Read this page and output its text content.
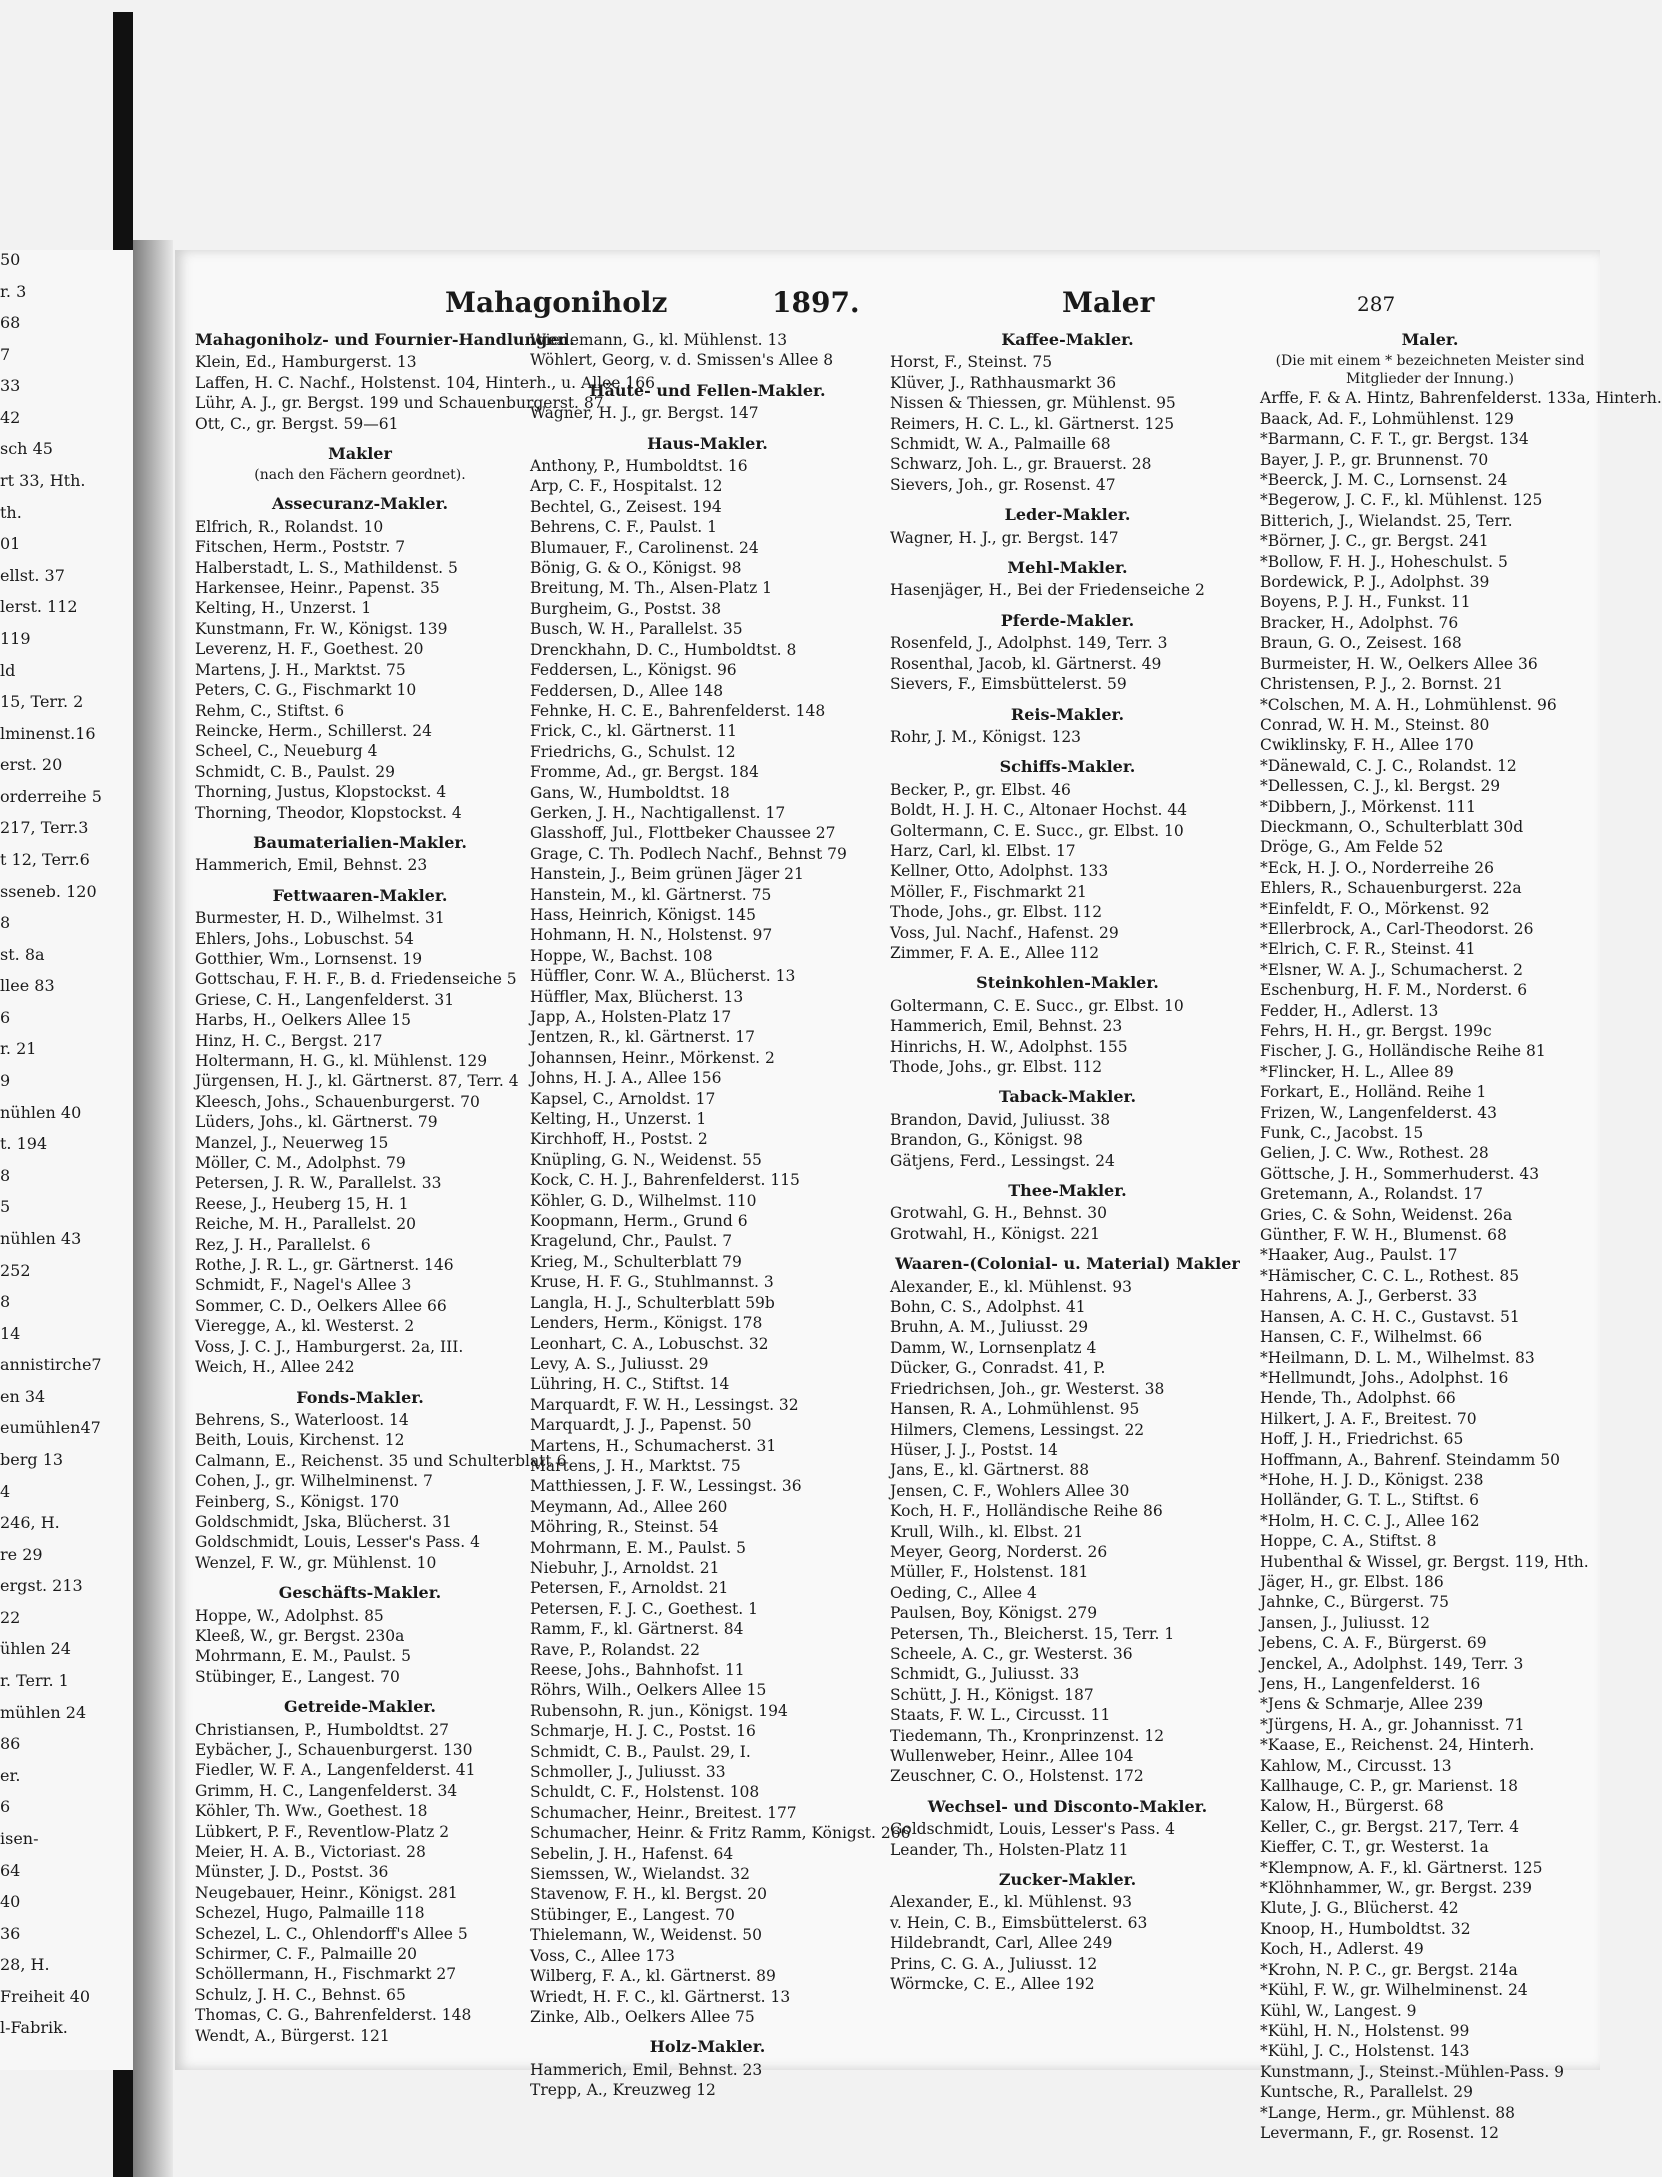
50
r. 3
68
7
33
42
sch 45
rt 33, Hth.
th.
01
ellst. 37
lerst. 112
119
ld
15, Terr. 2
lminenst.16
erst. 20
orderreihe 5
217, Terr.3
t 12, Terr.6
sseneb. 120
8
st. 8a
llee 83
6
r. 21
9
nühlen 40
t. 194
8
5
nühlen 43
252
8
14
annistirche7
en 34
eumühlen47
berg 13
4
246, H.
re 29
ergst. 213
22
ühlen 24
r. Terr. 1
mühlen 24
86
er.
6
isen-
64
40
36
28, H.
Freiheit 40
l-Fabrik.
Mahagoniholz	1897.	Maler	287
Mahagoniholz- und Fournier-Handlungen.
Klein, Ed., Hamburgerst. 13
Laffen, H. C. Nachf., Holstenst. 104, Hinterh., u. Allee 166
Lühr, A. J., gr. Bergst. 199 und Schauenburgerst. 87
Ott, C., gr. Bergst. 59—61
Makler
(nach den Fächern geordnet).
Assecuranz-Makler.
Elfrich, R., Rolandst. 10
Fitschen, Herm., Poststr. 7
Halberstadt, L. S., Mathildenst. 5
Harkensee, Heinr., Papenst. 35
Kelting, H., Unzerst. 1
Kunstmann, Fr. W., Königst. 139
Leverenz, H. F., Goethest. 20
Martens, J. H., Marktst. 75
Peters, C. G., Fischmarkt 10
Rehm, C., Stiftst. 6
Reincke, Herm., Schillerst. 24
Scheel, C., Neueburg 4
Schmidt, C. B., Paulst. 29
Thorning, Justus, Klopstockst. 4
Thorning, Theodor, Klopstockst. 4
Baumaterialien-Makler.
Hammerich, Emil, Behnst. 23
Fettwaaren-Makler.
Burmester, H. D., Wilhelmst. 31
Ehlers, Johs., Lobuschst. 54
Gotthier, Wm., Lornsenst. 19
Gottschau, F. H. F., B. d. Friedenseiche 5
Griese, C. H., Langenfelderst. 31
Harbs, H., Oelkers Allee 15
Hinz, H. C., Bergst. 217
Holtermann, H. G., kl. Mühlenst. 129
Jürgensen, H. J., kl. Gärtnerst. 87, Terr. 4
Kleesch, Johs., Schauenburgerst. 70
Lüders, Johs., kl. Gärtnerst. 79
Manzel, J., Neuerweg 15
Möller, C. M., Adolphst. 79
Petersen, J. R. W., Parallelst. 33
Reese, J., Heuberg 15, H. 1
Reiche, M. H., Parallelst. 20
Rez, J. H., Parallelst. 6
Rothe, J. R. L., gr. Gärtnerst. 146
Schmidt, F., Nagel's Allee 3
Sommer, C. D., Oelkers Allee 66
Vieregge, A., kl. Westerst. 2
Voss, J. C. J., Hamburgerst. 2a, III.
Weich, H., Allee 242
Fonds-Makler.
Behrens, S., Waterloost. 14
Beith, Louis, Kirchenst. 12
Calmann, E., Reichenst. 35 und Schulterblatt 6
Cohen, J., gr. Wilhelminenst. 7
Feinberg, S., Königst. 170
Goldschmidt, Jska, Blücherst. 31
Goldschmidt, Louis, Lesser's Pass. 4
Wenzel, F. W., gr. Mühlenst. 10
Geschäfts-Makler.
Hoppe, W., Adolphst. 85
Kleeß, W., gr. Bergst. 230a
Mohrmann, E. M., Paulst. 5
Stübinger, E., Langest. 70
Getreide-Makler.
Christiansen, P., Humboldtst. 27
Eybächer, J., Schauenburgerst. 130
Fiedler, W. F. A., Langenfelderst. 41
Grimm, H. C., Langenfelderst. 34
Köhler, Th. Ww., Goethest. 18
Lübkert, P. F., Reventlow-Platz 2
Meier, H. A. B., Victoriast. 28
Münster, J. D., Postst. 36
Neugebauer, Heinr., Königst. 281
Schezel, Hugo, Palmaille 118
Schezel, L. C., Ohlendorff's Allee 5
Schirmer, C. F., Palmaille 20
Schöllermann, H., Fischmarkt 27
Schulz, J. H. C., Behnst. 65
Thomas, C. G., Bahrenfelderst. 148
Wendt, A., Bürgerst. 121
Wiedemann, G., kl. Mühlenst. 13
Wöhlert, Georg, v. d. Smissen's Allee 8
Häute- und Fellen-Makler.
Wagner, H. J., gr. Bergst. 147
Haus-Makler.
Anthony, P., Humboldtst. 16
Arp, C. F., Hospitalst. 12
Bechtel, G., Zeisest. 194
Behrens, C. F., Paulst. 1
Blumauer, F., Carolinenst. 24
Bönig, G. & O., Königst. 98
Breitung, M. Th., Alsen-Platz 1
Burgheim, G., Postst. 38
Busch, W. H., Parallelst. 35
Drenckhahn, D. C., Humboldtst. 8
Feddersen, L., Königst. 96
Feddersen, D., Allee 148
Fehnke, H. C. E., Bahrenfelderst. 148
Frick, C., kl. Gärtnerst. 11
Friedrichs, G., Schulst. 12
Fromme, Ad., gr. Bergst. 184
Gans, W., Humboldtst. 18
Gerken, J. H., Nachtigallenst. 17
Glasshoff, Jul., Flottbeker Chaussee 27
Grage, C. Th. Podlech Nachf., Behnst 79
Hanstein, J., Beim grünen Jäger 21
Hanstein, M., kl. Gärtnerst. 75
Hass, Heinrich, Königst. 145
Hohmann, H. N., Holstenst. 97
Hoppe, W., Bachst. 108
Hüffler, Conr. W. A., Blücherst. 13
Hüffler, Max, Blücherst. 13
Japp, A., Holsten-Platz 17
Jentzen, R., kl. Gärtnerst. 17
Johannsen, Heinr., Mörkenst. 2
Johns, H. J. A., Allee 156
Kapsel, C., Arnoldst. 17
Kelting, H., Unzerst. 1
Kirchhoff, H., Postst. 2
Knüpling, G. N., Weidenst. 55
Kock, C. H. J., Bahrenfelderst. 115
Köhler, G. D., Wilhelmst. 110
Koopmann, Herm., Grund 6
Kragelund, Chr., Paulst. 7
Krieg, M., Schulterblatt 79
Kruse, H. F. G., Stuhlmannst. 3
Langla, H. J., Schulterblatt 59b
Lenders, Herm., Königst. 178
Leonhart, C. A., Lobuschst. 32
Levy, A. S., Juliusst. 29
Lühring, H. C., Stiftst. 14
Marquardt, F. W. H., Lessingst. 32
Marquardt, J. J., Papenst. 50
Martens, H., Schumacherst. 31
Martens, J. H., Marktst. 75
Matthiessen, J. F. W., Lessingst. 36
Meymann, Ad., Allee 260
Möhring, R., Steinst. 54
Mohrmann, E. M., Paulst. 5
Niebuhr, J., Arnoldst. 21
Petersen, F., Arnoldst. 21
Petersen, F. J. C., Goethest. 1
Ramm, F., kl. Gärtnerst. 84
Rave, P., Rolandst. 22
Reese, Johs., Bahnhofst. 11
Röhrs, Wilh., Oelkers Allee 15
Rubensohn, R. jun., Königst. 194
Schmarje, H. J. C., Postst. 16
Schmidt, C. B., Paulst. 29, I.
Schmoller, J., Juliusst. 33
Schuldt, C. F., Holstenst. 108
Schumacher, Heinr., Breitest. 177
Schumacher, Heinr. & Fritz Ramm, Königst. 266
Sebelin, J. H., Hafenst. 64
Siemssen, W., Wielandst. 32
Stavenow, F. H., kl. Bergst. 20
Stübinger, E., Langest. 70
Thielemann, W., Weidenst. 50
Voss, C., Allee 173
Wilberg, F. A., kl. Gärtnerst. 89
Wriedt, H. F. C., kl. Gärtnerst. 13
Zinke, Alb., Oelkers Allee 75
Holz-Makler.
Hammerich, Emil, Behnst. 23
Trepp, A., Kreuzweg 12
Kaffee-Makler.
Horst, F., Steinst. 75
Klüver, J., Rathhausmarkt 36
Nissen & Thiessen, gr. Mühlenst. 95
Reimers, H. C. L., kl. Gärtnerst. 125
Schmidt, W. A., Palmaille 68
Schwarz, Joh. L., gr. Brauerst. 28
Sievers, Joh., gr. Rosenst. 47
Leder-Makler.
Wagner, H. J., gr. Bergst. 147
Mehl-Makler.
Hasenjäger, H., Bei der Friedenseiche 2
Pferde-Makler.
Rosenfeld, J., Adolphst. 149, Terr. 3
Rosenthal, Jacob, kl. Gärtnerst. 49
Sievers, F., Eimsbüttelerst. 59
Reis-Makler.
Rohr, J. M., Königst. 123
Schiffs-Makler.
Becker, P., gr. Elbst. 46
Boldt, H. J. H. C., Altonaer Hochst. 44
Goltermann, C. E. Succ., gr. Elbst. 10
Harz, Carl, kl. Elbst. 17
Kellner, Otto, Adolphst. 133
Möller, F., Fischmarkt 21
Thode, Johs., gr. Elbst. 112
Voss, Jul. Nachf., Hafenst. 29
Zimmer, F. A. E., Allee 112
Steinkohlen-Makler.
Goltermann, C. E. Succ., gr. Elbst. 10
Hammerich, Emil, Behnst. 23
Hinrichs, H. W., Adolphst. 155
Thode, Johs., gr. Elbst. 112
Taback-Makler.
Brandon, David, Juliusst. 38
Brandon, G., Königst. 98
Gätjens, Ferd., Lessingst. 24
Thee-Makler.
Grotwahl, G. H., Behnst. 30
Grotwahl, H., Königst. 221
Waaren-(Colonial- u. Material) Makler
Alexander, E., kl. Mühlenst. 93
Bohn, C. S., Adolphst. 41
Bruhn, A. M., Juliusst. 29
Damm, W., Lornsenplatz 4
Dücker, G., Conradst. 41, P.
Friedrichsen, Joh., gr. Westerst. 38
Hansen, R. A., Lohmühlenst. 95
Hilmers, Clemens, Lessingst. 22
Hüser, J. J., Postst. 14
Jans, E., kl. Gärtnerst. 88
Jensen, C. F., Wohlers Allee 30
Koch, H. F., Holländische Reihe 86
Krull, Wilh., kl. Elbst. 21
Meyer, Georg, Norderst. 26
Müller, F., Holstenst. 181
Oeding, C., Allee 4
Paulsen, Boy, Königst. 279
Petersen, Th., Bleicherst. 15, Terr. 1
Scheele, A. C., gr. Westerst. 36
Schmidt, G., Juliusst. 33
Schütt, J. H., Königst. 187
Staats, F. W. L., Circusst. 11
Tiedemann, Th., Kronprinzenst. 12
Wullenweber, Heinr., Allee 104
Zeuschner, C. O., Holstenst. 172
Wechsel- und Disconto-Makler.
Goldschmidt, Louis, Lesser's Pass. 4
Leander, Th., Holsten-Platz 11
Zucker-Makler.
Alexander, E., kl. Mühlenst. 93
v. Hein, C. B., Eimsbüttelerst. 63
Hildebrandt, Carl, Allee 249
Prins, C. G. A., Juliusst. 12
Wörmcke, C. E., Allee 192
Maler.
(Die mit einem * bezeichneten Meister sind Mitglieder der Innung.)
Arffe, F. & A. Hintz, Bahrenfelderst. 133a, Hinterh.
Baack, Ad. F., Lohmühlenst. 129
*Barmann, C. F. T., gr. Bergst. 134
Bayer, J. P., gr. Brunnenst. 70
*Beerck, J. M. C., Lornsenst. 24
*Begerow, J. C. F., kl. Mühlenst. 125
Bitterich, J., Wielandst. 25, Terr.
*Börner, J. C., gr. Bergst. 241
*Bollow, F. H. J., Hoheschulst. 5
Bordewick, P. J., Adolphst. 39
Boyens, P. J. H., Funkst. 11
Bracker, H., Adolphst. 76
Braun, G. O., Zeisest. 168
Burmeister, H. W., Oelkers Allee 36
Christensen, P. J., 2. Bornst. 21
*Colschen, M. A. H., Lohmühlenst. 96
Conrad, W. H. M., Steinst. 80
Cwiklinsky, F. H., Allee 170
*Dänewald, C. J. C., Rolandst. 12
*Dellessen, C. J., kl. Bergst. 29
*Dibbern, J., Mörkenst. 111
Dieckmann, O., Schulterblatt 30d
Dröge, G., Am Felde 52
*Eck, H. J. O., Norderreihe 26
Ehlers, R., Schauenburgerst. 22a
*Einfeldt, F. O., Mörkenst. 92
*Ellerbrock, A., Carl-Theodorst. 26
*Elrich, C. F. R., Steinst. 41
*Elsner, W. A. J., Schumacherst. 2
Eschenburg, H. F. M., Norderst. 6
Fedder, H., Adlerst. 13
Fehrs, H. H., gr. Bergst. 199c
Fischer, J. G., Holländische Reihe 81
*Flincker, H. L., Allee 89
Forkart, E., Holländ. Reihe 1
Frizen, W., Langenfelderst. 43
Funk, C., Jacobst. 15
Gelien, J. C. Ww., Rothest. 28
Göttsche, J. H., Sommerhuderst. 43
Gretemann, A., Rolandst. 17
Gries, C. & Sohn, Weidenst. 26a
Günther, F. W. H., Blumenst. 68
*Haaker, Aug., Paulst. 17
*Hämischer, C. C. L., Rothest. 85
Hahrens, A. J., Gerberst. 33
Hansen, A. C. H. C., Gustavst. 51
Hansen, C. F., Wilhelmst. 66
*Heilmann, D. L. M., Wilhelmst. 83
*Hellmundt, Johs., Adolphst. 16
Hende, Th., Adolphst. 66
Hilkert, J. A. F., Breitest. 70
Hoff, J. H., Friedrichst. 65
Hoffmann, A., Bahrenf. Steindamm 50
*Hohe, H. J. D., Königst. 238
Holländer, G. T. L., Stiftst. 6
*Holm, H. C. C. J., Allee 162
Hoppe, C. A., Stiftst. 8
Hubenthal & Wissel, gr. Bergst. 119, Hth.
Jäger, H., gr. Elbst. 186
Jahnke, C., Bürgerst. 75
Jansen, J., Juliusst. 12
Jebens, C. A. F., Bürgerst. 69
Jenckel, A., Adolphst. 149, Terr. 3
Jens, H., Langenfelderst. 16
*Jens & Schmarje, Allee 239
*Jürgens, H. A., gr. Johannisst. 71
*Kaase, E., Reichenst. 24, Hinterh.
Kahlow, M., Circusst. 13
Kallhauge, C. P., gr. Marienst. 18
Kalow, H., Bürgerst. 68
Keller, C., gr. Bergst. 217, Terr. 4
Kieffer, C. T., gr. Westerst. 1a
*Klempnow, A. F., kl. Gärtnerst. 125
*Klöhnhammer, W., gr. Bergst. 239
Klute, J. G., Blücherst. 42
Knoop, H., Humboldtst. 32
Koch, H., Adlerst. 49
*Krohn, N. P. C., gr. Bergst. 214a
*Kühl, F. W., gr. Wilhelminenst. 24
Kühl, W., Langest. 9
*Kühl, H. N., Holstenst. 99
*Kühl, J. C., Holstenst. 143
Kunstmann, J., Steinst.-Mühlen-Pass. 9
Kuntsche, R., Parallelst. 29
*Lange, Herm., gr. Mühlenst. 88
Levermann, F., gr. Rosenst. 12
